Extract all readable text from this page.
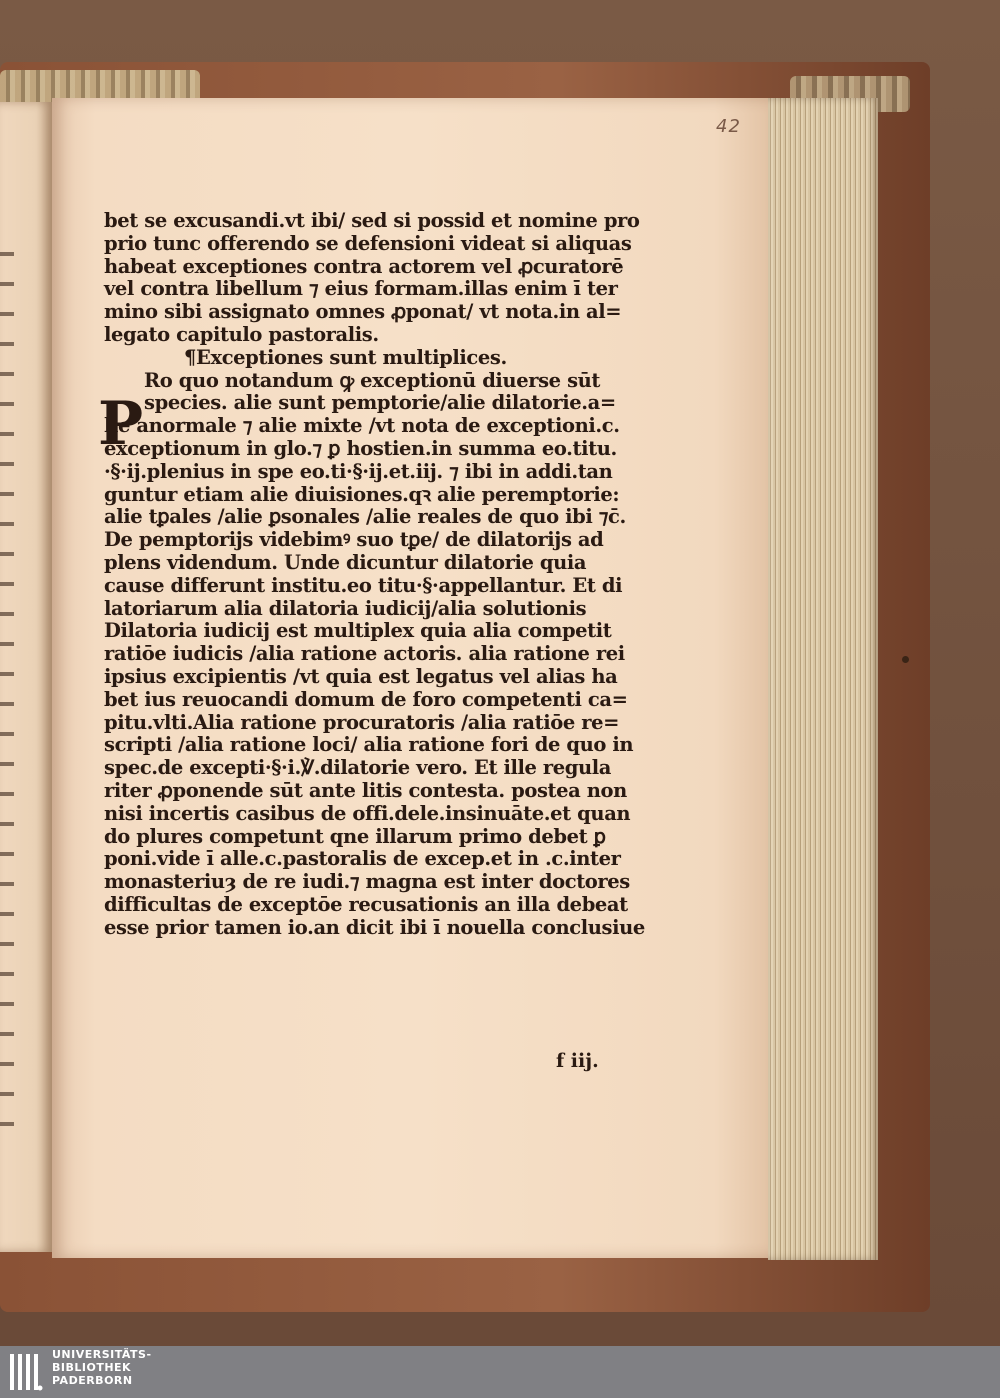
42
bet se excusandi.vt ibi/ sed si possid et nomine pro
prio tunc offerendo se defensioni videat si aliquas
habeat exceptiones contra actorem vel ꝓcuratorē
vel contra libellum ⁊ eius formam.illas enim ī ter
mino sibi assignato omnes ꝓponat/ vt nota.in al=
legato capitulo pastoralis.
¶Exceptiones sunt multiplices.
Ro quo notandum ꝙ exceptionū diuerse sūt
species. alie sunt pemptorie/alie dilatorie.a=
lie anormale ⁊ alie mixte /vt nota de exceptioni.c.
exceptionum in glo.⁊ ꝑ hostien.in summa eo.titu.
·§·ij.plenius in spe eo.ti·§·ij.et.iij. ⁊ ibi in addi.tan
guntur etiam alie diuisiones.qꝛ alie peremptorie:
alie tꝑales /alie ꝑsonales /alie reales de quo ibi ⁊c̄.
De pemptorijs videbimꝰ suo tꝑe/ de dilatorijs ad
plens videndum. Unde dicuntur dilatorie quia
cause differunt institu.eo titu·§·appellantur. Et di
latoriarum alia dilatoria iudicij/alia solutionis
Dilatoria iudicij est multiplex quia alia competit
ratiōe iudicis /alia ratione actoris. alia ratione rei
ipsius excipientis /vt quia est legatus vel alias ha
bet ius reuocandi domum de foro competenti ca=
pitu.vlti.Alia ratione procuratoris /alia ratiōe re=
scripti /alia ratione loci/ alia ratione fori de quo in
spec.de excepti·§·i.℣.dilatorie vero. Et ille regula
riter ꝓponende sūt ante litis contesta. postea non
nisi incertis casibus de offi.dele.insinuāte.et quan
do plures competunt qne illarum primo debet ꝑ
poni.vide ī alle.c.pastoralis de excep.et in .c.inter
monasteriuȝ de re iudi.⁊ magna est inter doctores
difficultas de exceptōe recusationis an illa debeat
esse prior tamen io.an dicit ibi ī nouella conclusiue
P
f iij.
UNIVERSITÄTS-
BIBLIOTHEK
PADERBORN
